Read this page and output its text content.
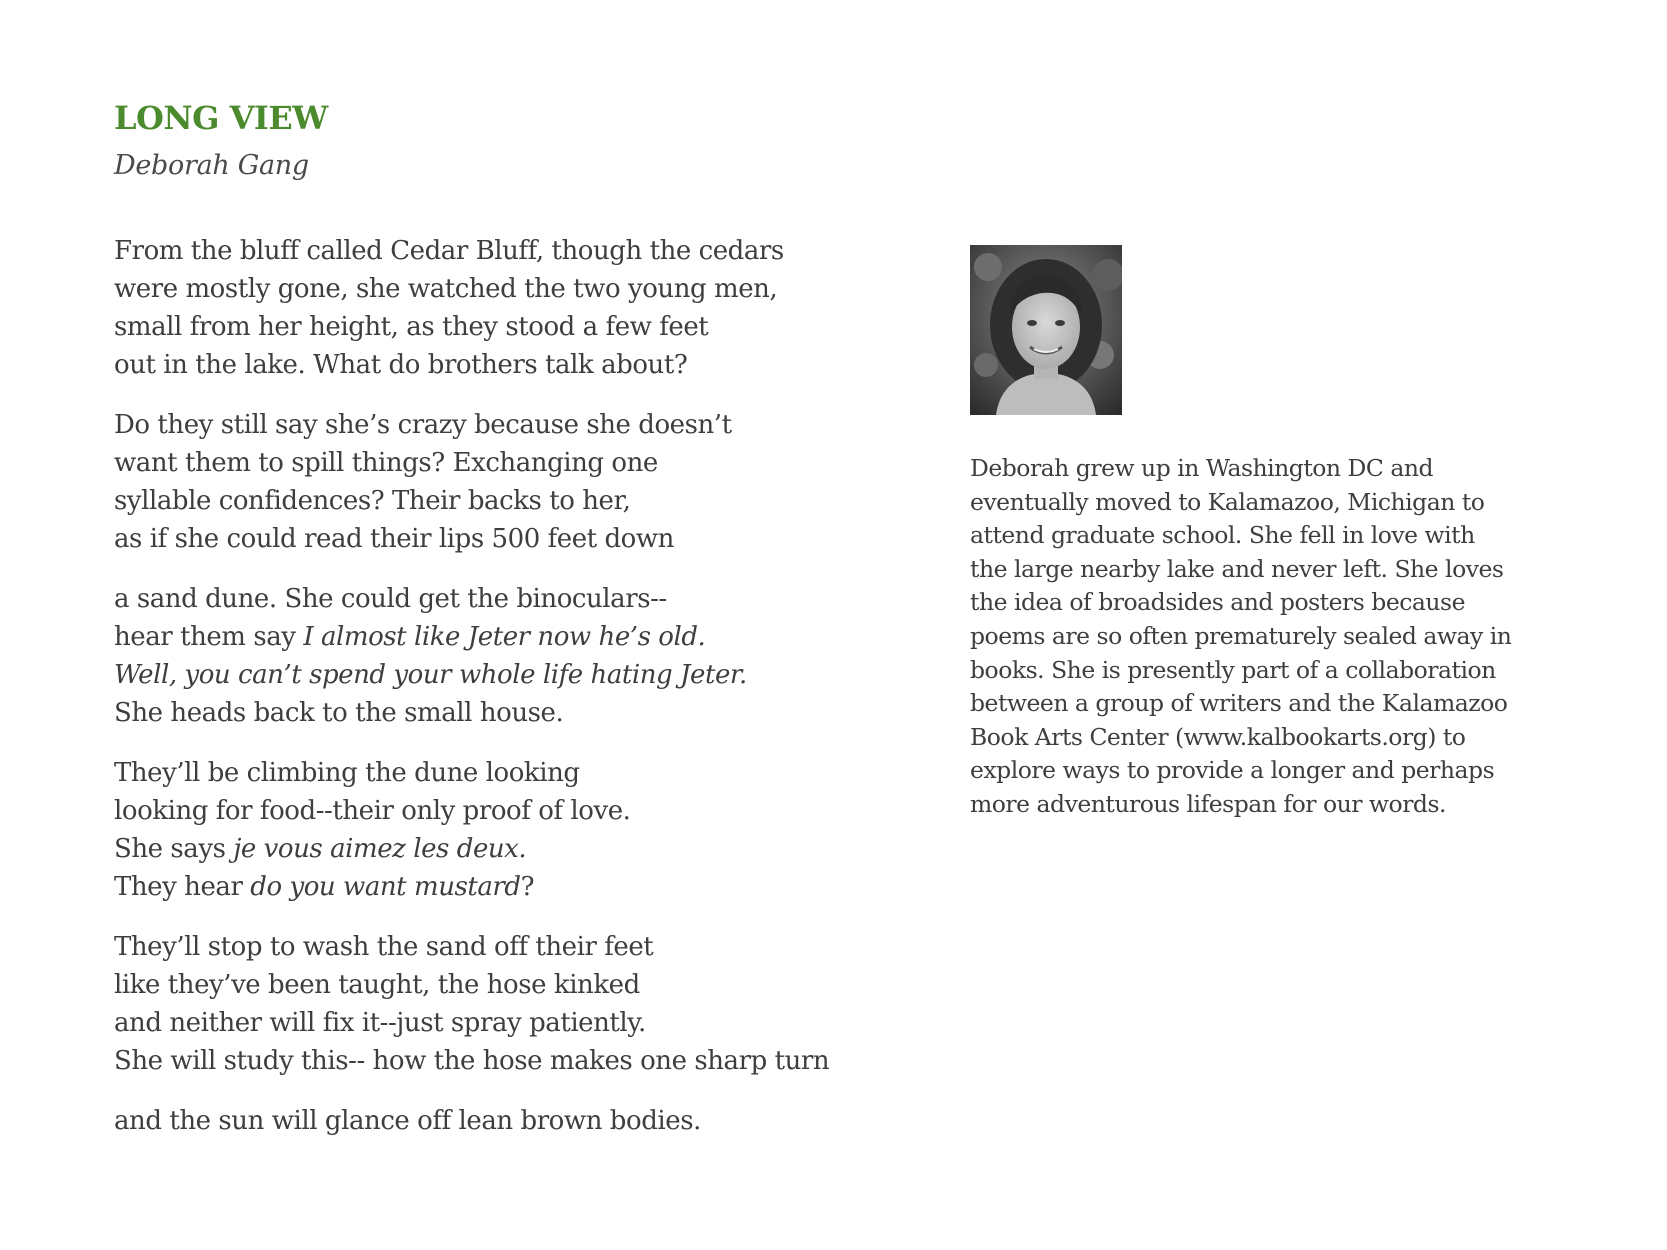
LONG VIEW
Deborah Gang
From the bluff called Cedar Bluff, though the cedars
were mostly gone, she watched the two young men,
small from her height, as they stood a few feet
out in the lake. What do brothers talk about?
Do they still say she’s crazy because she doesn’t
want them to spill things? Exchanging one
syllable confidences? Their backs to her,
as if she could read their lips 500 feet down
a sand dune. She could get the binoculars--
hear them say I almost like Jeter now he’s old.
Well, you can’t spend your whole life hating Jeter.
She heads back to the small house.
They’ll be climbing the dune looking
looking for food--their only proof of love.
She says je vous aimez les deux.
They hear do you want mustard?
They’ll stop to wash the sand off their feet
like they’ve been taught, the hose kinked
and neither will fix it--just spray patiently.
She will study this-- how the hose makes one sharp turn
and the sun will glance off lean brown bodies.
Deborah grew up in Washington DC and
eventually moved to Kalamazoo, Michigan to
attend graduate school. She fell in love with
the large nearby lake and never left. She loves
the idea of broadsides and posters because
poems are so often prematurely sealed away in
books. She is presently part of a collaboration
between a group of writers and the Kalamazoo
Book Arts Center (www.kalbookarts.org) to
explore ways to provide a longer and perhaps
more adventurous lifespan for our words.
